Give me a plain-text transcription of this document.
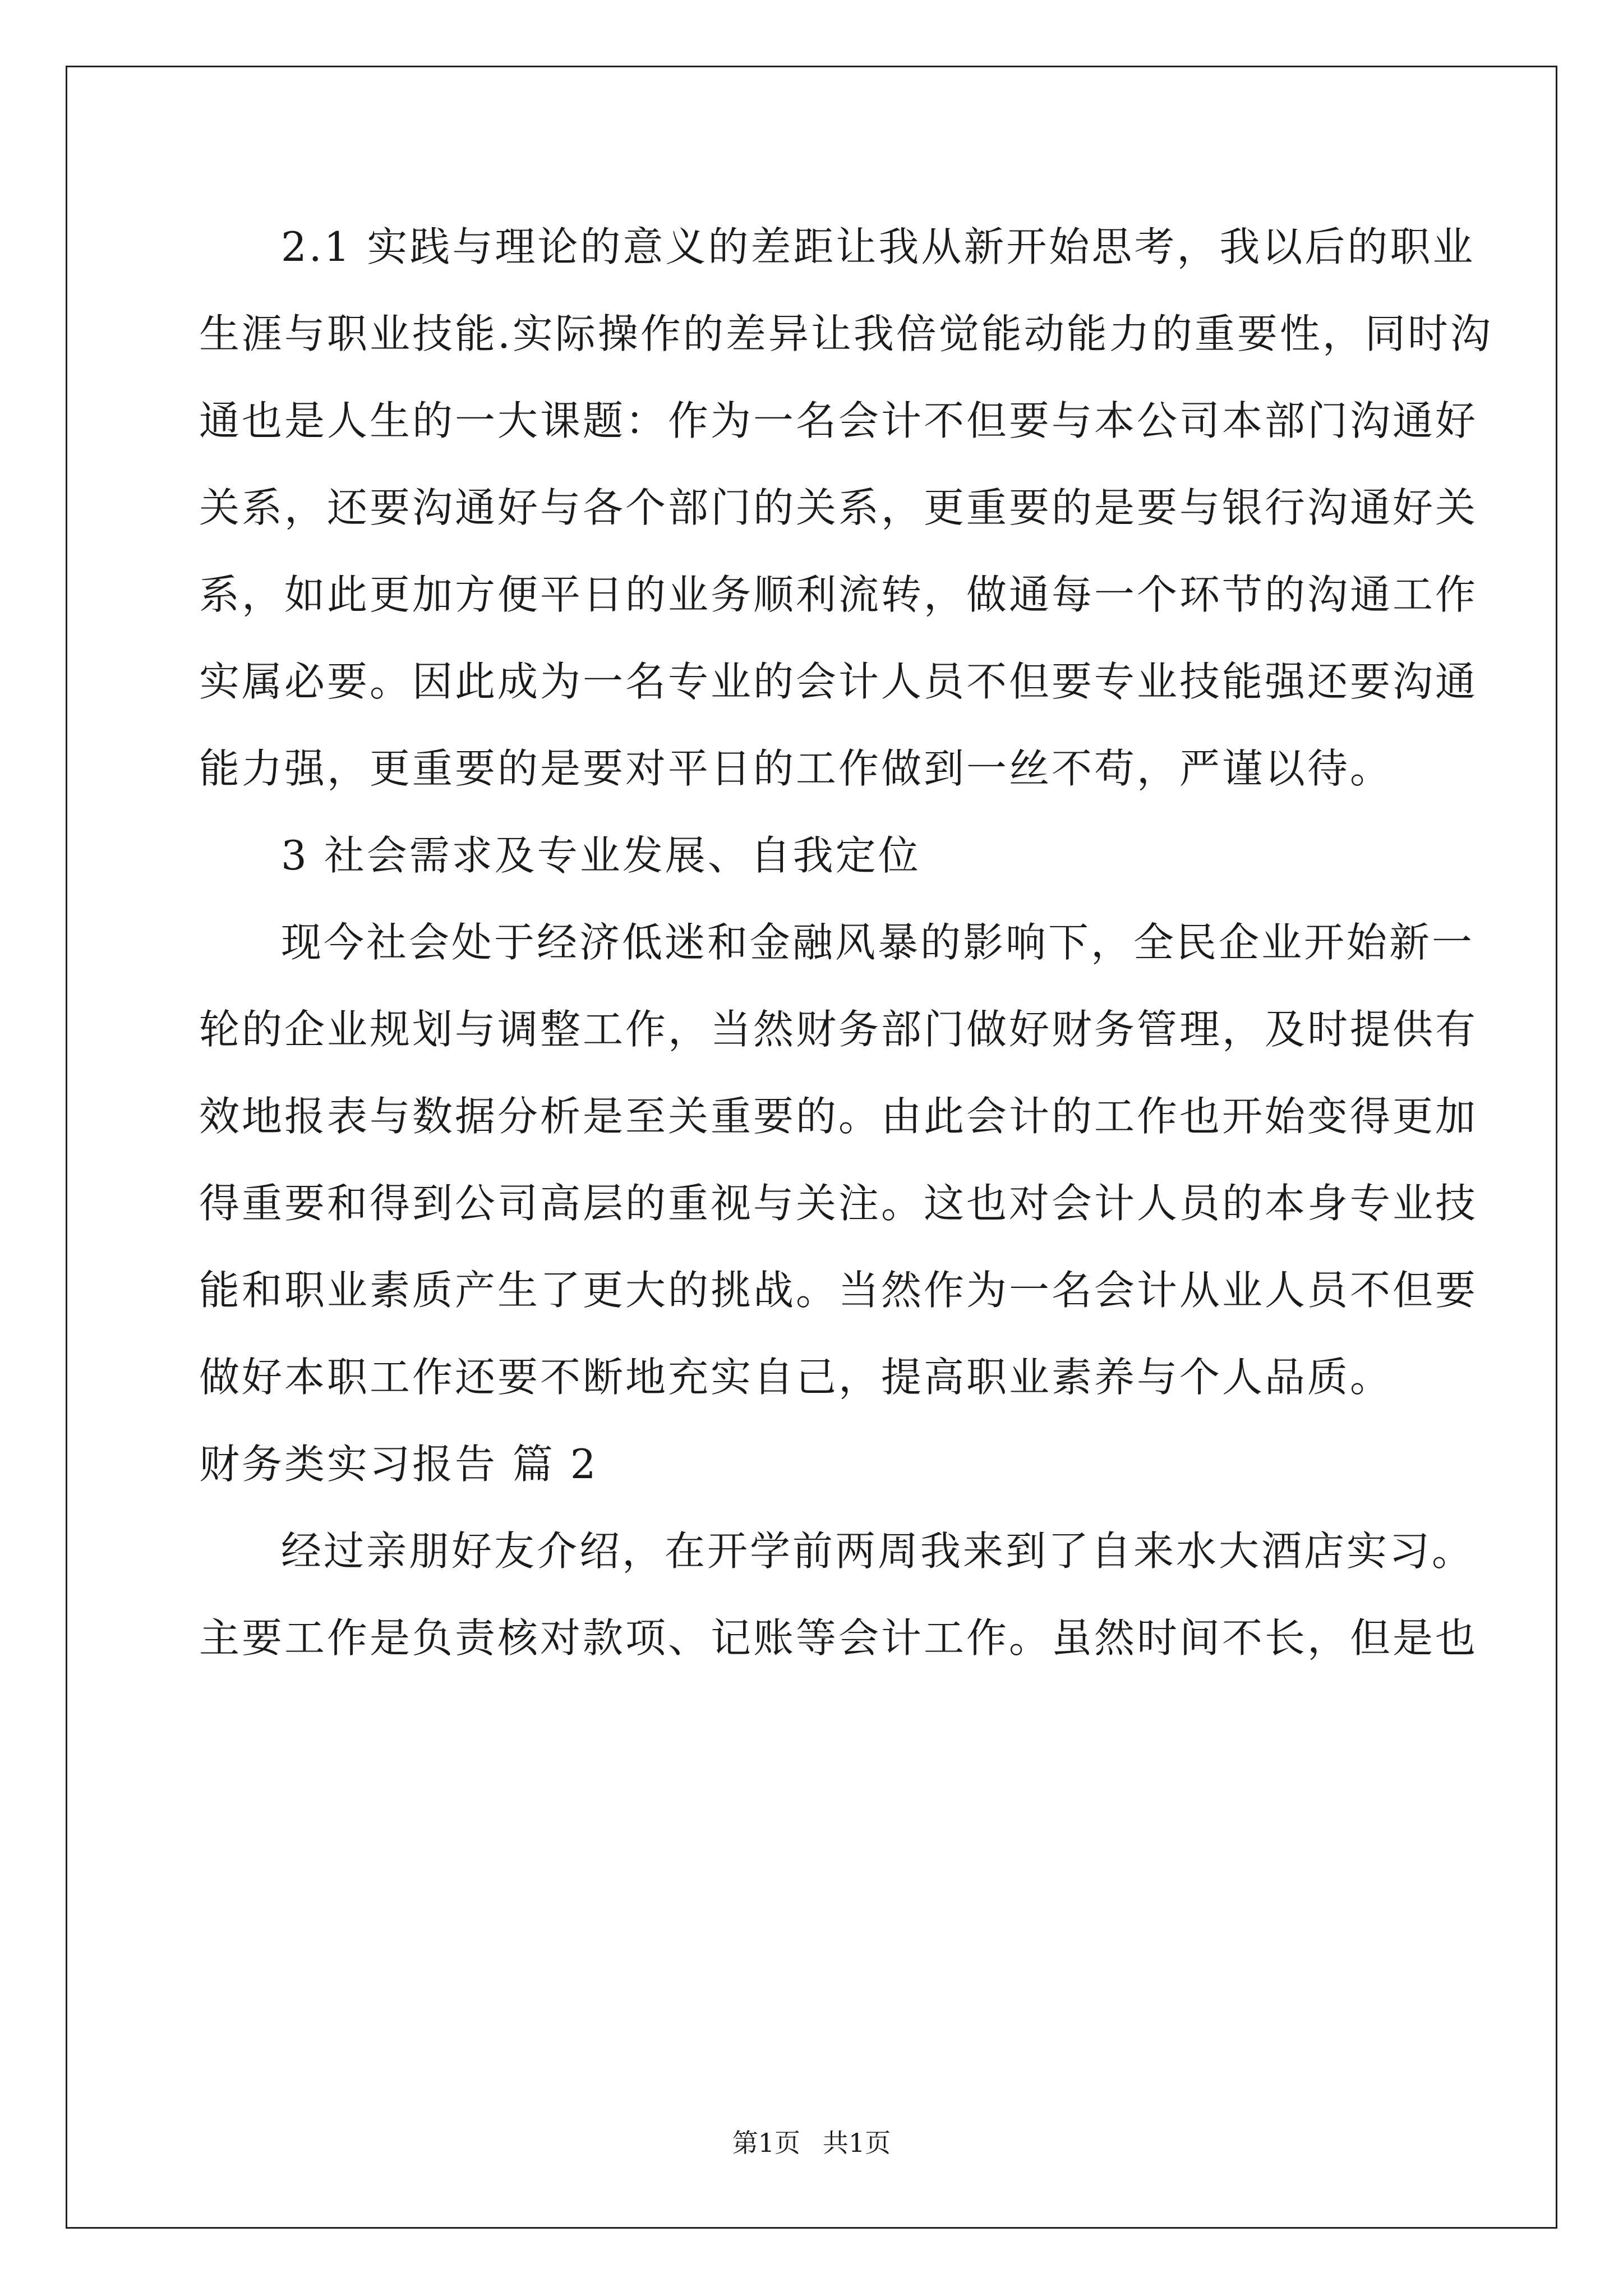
2.1 实践与理论的意义的差距让我从新开始思考，我以后的职业
生涯与职业技能.实际操作的差异让我倍觉能动能力的重要性，同时沟
通也是人生的一大课题：作为一名会计不但要与本公司本部门沟通好
关系，还要沟通好与各个部门的关系，更重要的是要与银行沟通好关
系，如此更加方便平日的业务顺利流转，做通每一个环节的沟通工作
实属必要。因此成为一名专业的会计人员不但要专业技能强还要沟通
能力强，更重要的是要对平日的工作做到一丝不苟，严谨以待。
3 社会需求及专业发展、自我定位
现今社会处于经济低迷和金融风暴的影响下，全民企业开始新一
轮的企业规划与调整工作，当然财务部门做好财务管理，及时提供有
效地报表与数据分析是至关重要的。由此会计的工作也开始变得更加
得重要和得到公司高层的重视与关注。这也对会计人员的本身专业技
能和职业素质产生了更大的挑战。当然作为一名会计从业人员不但要
做好本职工作还要不断地充实自己，提高职业素养与个人品质。
财务类实习报告 篇 2
经过亲朋好友介绍，在开学前两周我来到了自来水大酒店实习。
主要工作是负责核对款项、记账等会计工作。虽然时间不长，但是也
第1页 共1页
